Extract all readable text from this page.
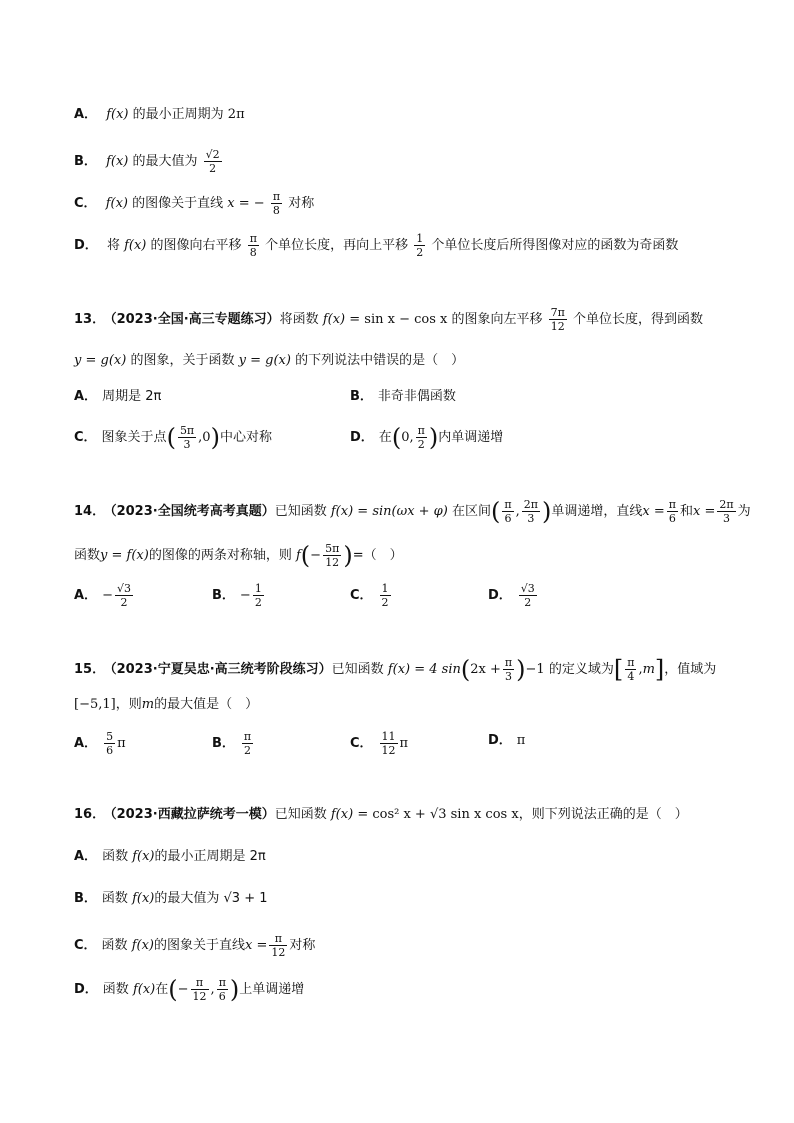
A． f(x) 的最小正周期为 2π
B． f(x) 的最大值为 $\frac{√2}{2}$
C． f(x) 的图像关于直线 x = − $\frac{\pi}{8}$ 对称
D． 将 f(x) 的图像向右平移 $\frac{\pi}{8}$ 个单位长度，再向上平移 $\frac{1}{2}$ 个单位长度后所得图像对应的函数为奇函数
13． （2023·全国·高三专题练习）将函数 f(x) = sin x − cos x 的图象向左平移 $\frac{7\pi}{12}$ 个单位长度，得到函数
y = g(x) 的图象，关于函数 y = g(x) 的下列说法中错误的是（　）
A． 周期是 2π	B． 非奇非偶函数
C． 图象关于点( $\frac{5\pi}{3} ,0$)中心对称	D． 在(0, $\frac{\pi}{2}$ )内单调递增
14． （2023·全国统考高考真题）已知函数 f(x) = sin(ωx + φ) 在区间( $\frac{\pi}{6}$ , $\frac{2\pi}{3}$ )单调递增，直线$x = \frac{\pi}{6}$ 和$x = \frac{2\pi}{3}$ 为
函数y = f(x)的图像的两条对称轴，则 $f(- \frac{5\pi}{12}$ )=（　）
A． − $\frac{√3}{2}$	B． − $\frac{1}{2}$	C． $\frac{1}{2}$	D． $\frac{√3}{2}$
15． （2023·宁夏吴忠·高三统考阶段练习）已知函数 f(x) = 4 $\sin(2x + \frac{\pi}{3} )-1$ 的定义域为[ $\frac{\pi}{4} ,m$]，值域为
[−5,1]，则m的最大值是（　）
A． $\frac{5}{6}$ π	B． $\frac{\pi}{2}$	C． $\frac{11}{12}$ π	D． π
16． （2023·西藏拉萨统考一模）已知函数 f(x) = cos² x + √3 sin x cos x，则下列说法正确的是（　）
A． 函数 f(x)的最小正周期是 2π
B． 函数 f(x)的最大值为 √3 + 1
C． 函数 f(x)的图象关于直线$x = \frac{\pi}{12}$ 对称
D． 函数 f(x)在(− $\frac{\pi}{12}$ , $\frac{\pi}{6}$ )上单调递增
